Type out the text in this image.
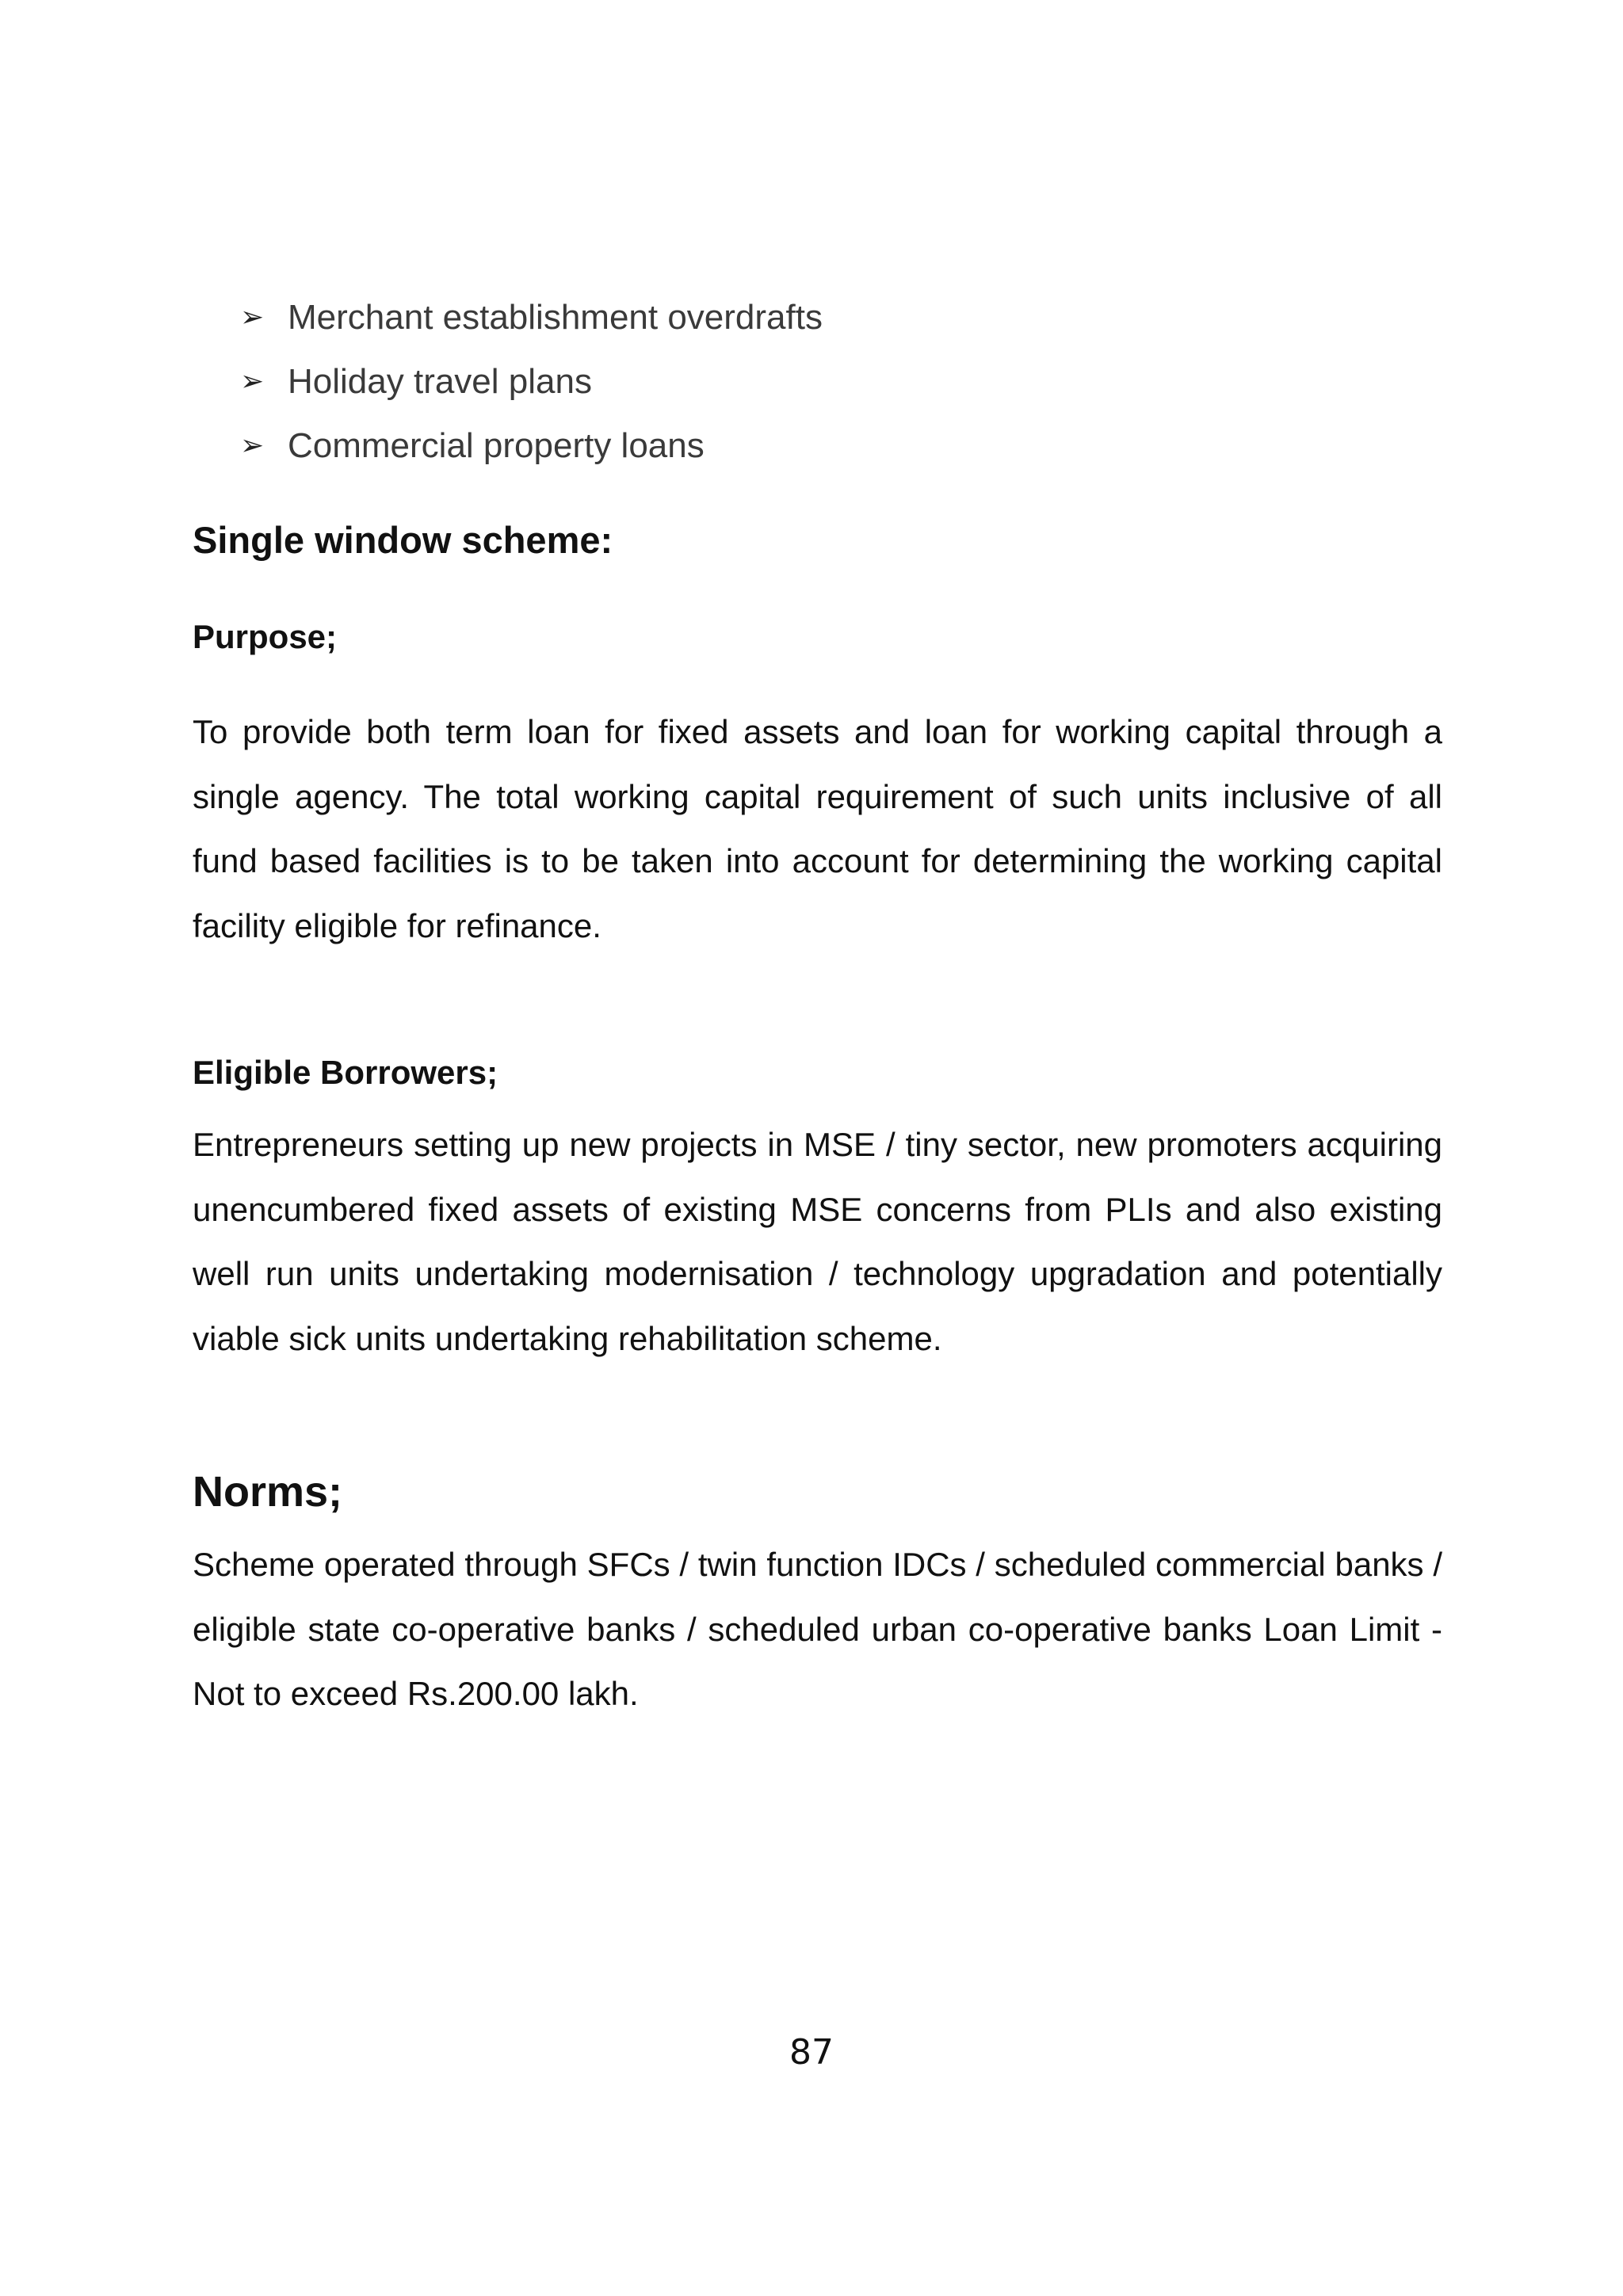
➢ Merchant establishment overdrafts
➢ Holiday travel plans
➢ Commercial property loans
Single window scheme:
Purpose;

To provide both term loan for fixed assets and loan for working capital through a single agency. The total working capital requirement of such units inclusive of all fund based facilities is to be taken into account for determining the working capital facility eligible for refinance.

Eligible Borrowers;

Entrepreneurs setting up new projects in MSE / tiny sector, new promoters acquiring unencumbered fixed assets of existing MSE concerns from PLIs and also existing well run units undertaking modernisation / technology upgradation and potentially viable sick units undertaking rehabilitation scheme.

Norms;

Scheme operated through SFCs / twin function IDCs / scheduled commercial banks / eligible state co-operative banks / scheduled urban co-operative banks Loan Limit - Not to exceed Rs.200.00 lakh.

87
